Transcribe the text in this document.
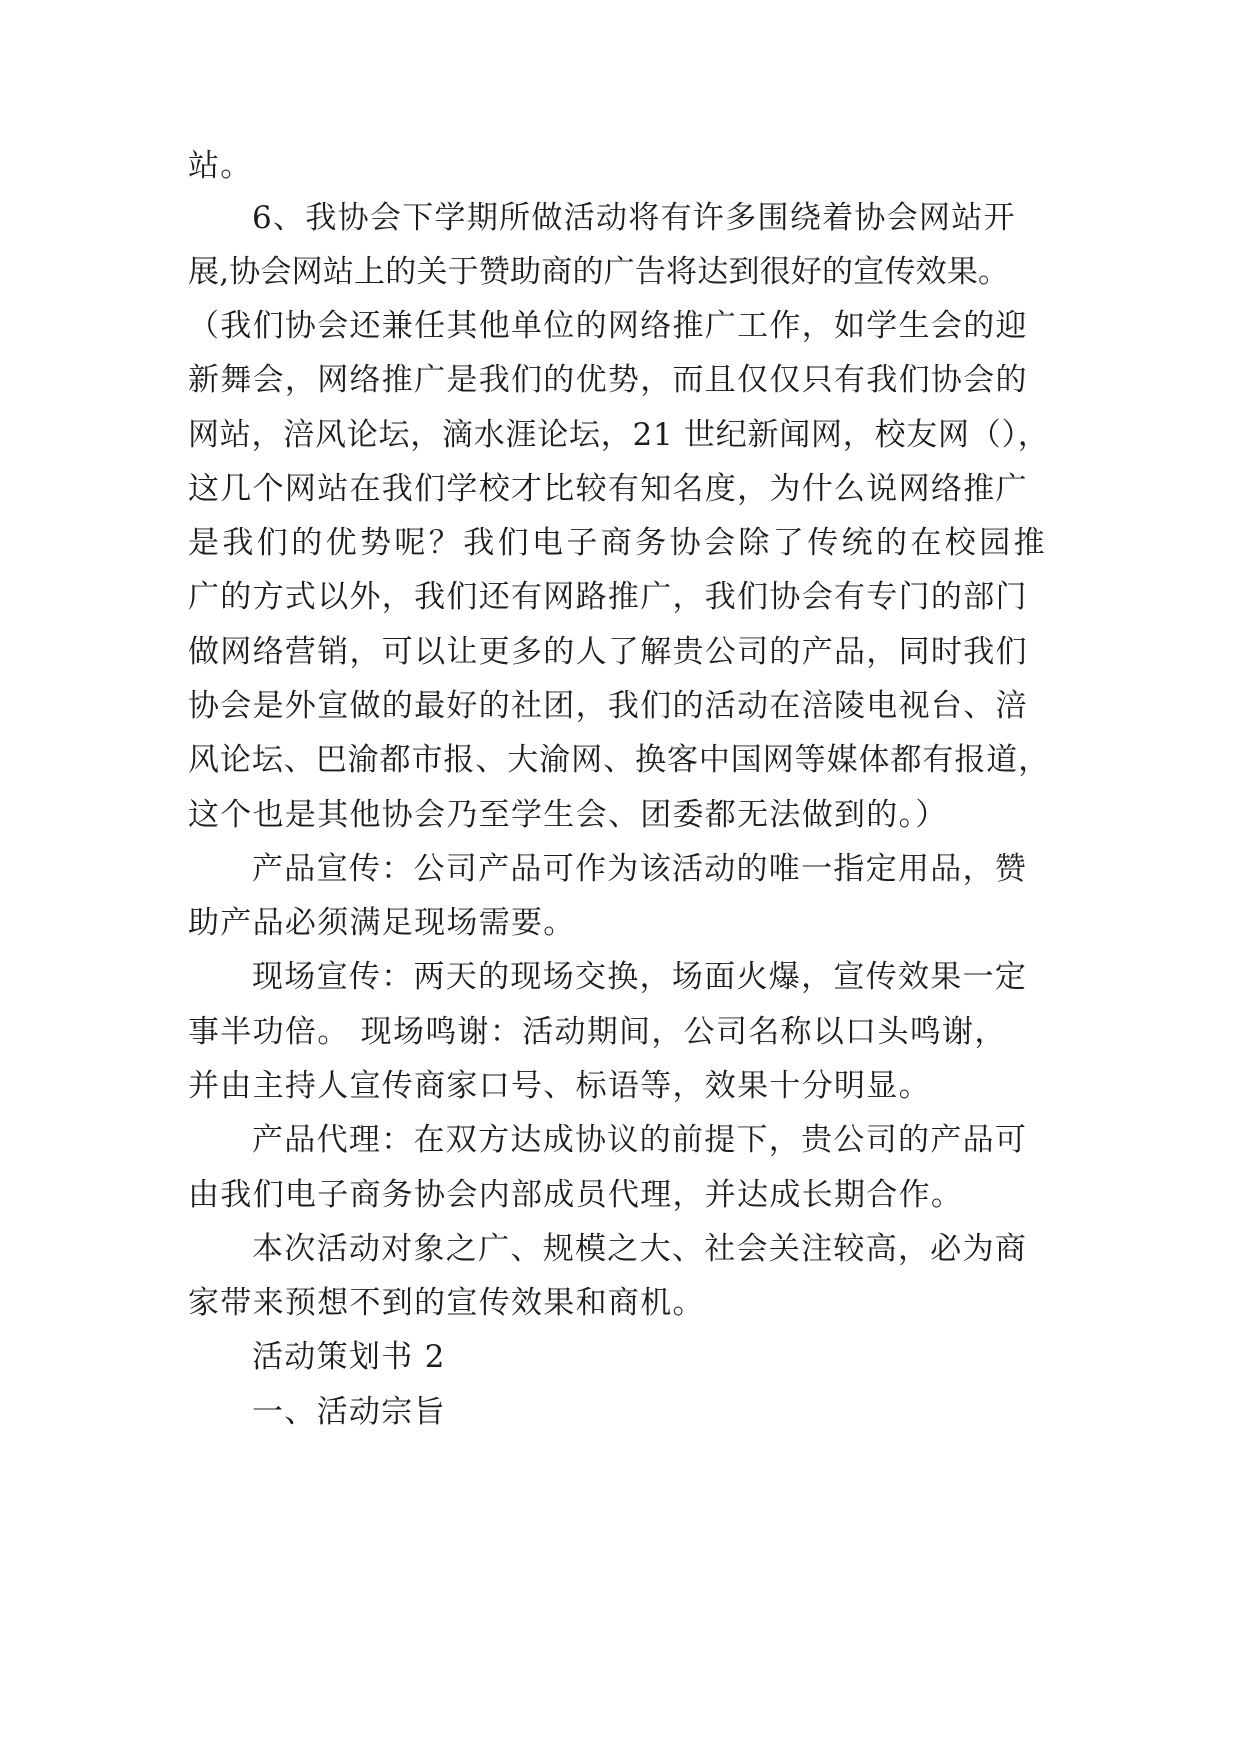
站。
6、我协会下学期所做活动将有许多围绕着协会网站开
展,协会网站上的关于赞助商的广告将达到很好的宣传效果。
（我们协会还兼任其他单位的网络推广工作，如学生会的迎
新舞会，网络推广是我们的优势，而且仅仅只有我们协会的
网站，涪风论坛，滴水涯论坛，21 世纪新闻网，校友网（），
这几个网站在我们学校才比较有知名度，为什么说网络推广
是我们的优势呢？我们电子商务协会除了传统的在校园推
广的方式以外，我们还有网路推广，我们协会有专门的部门
做网络营销，可以让更多的人了解贵公司的产品，同时我们
协会是外宣做的最好的社团，我们的活动在涪陵电视台、涪
风论坛、巴渝都市报、大渝网、换客中国网等媒体都有报道，
这个也是其他协会乃至学生会、团委都无法做到的。）
产品宣传：公司产品可作为该活动的唯一指定用品，赞
助产品必须满足现场需要。
现场宣传：两天的现场交换，场面火爆，宣传效果一定
事半功倍。 现场鸣谢：活动期间，公司名称以口头鸣谢，
并由主持人宣传商家口号、标语等，效果十分明显。
产品代理：在双方达成协议的前提下，贵公司的产品可
由我们电子商务协会内部成员代理，并达成长期合作。
本次活动对象之广、规模之大、社会关注较高，必为商
家带来预想不到的宣传效果和商机。
活动策划书 2
一、活动宗旨
